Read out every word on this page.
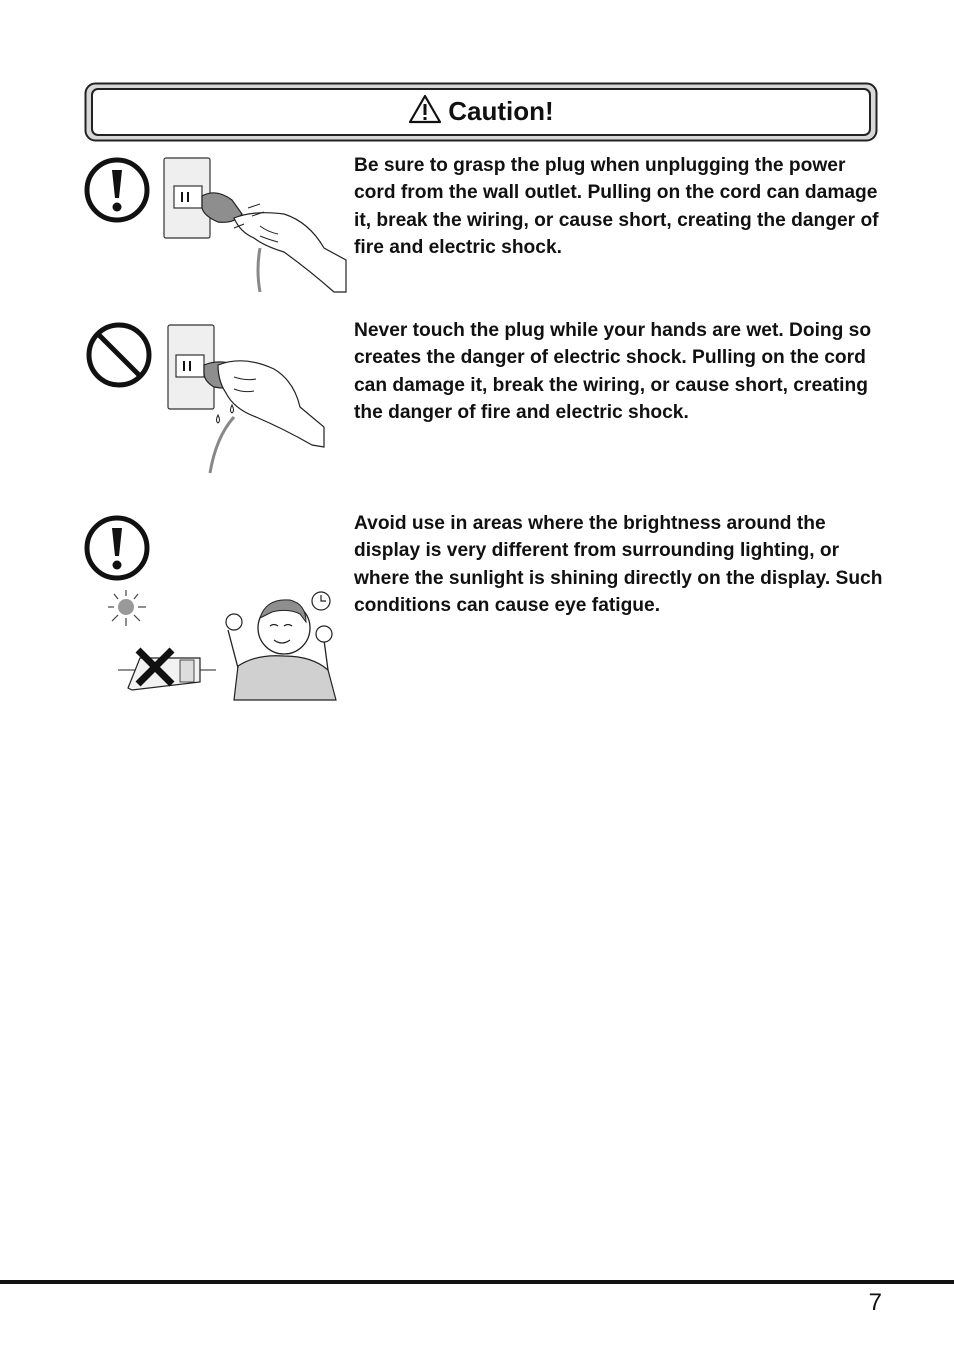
Caution!
Be sure to grasp the plug when unplugging the power cord from the wall outlet. Pulling on the cord can damage it, break the wiring, or cause short, creating the danger of fire and electric shock.
Never touch the plug while your hands are wet. Doing so creates the danger of electric shock. Pulling on the cord can damage it, break the wiring, or cause short, creating the danger of fire and electric shock.
Avoid use in areas where the brightness around the display is very different from surrounding lighting, or where the sunlight is shining directly on the display. Such conditions can cause eye fatigue.
7
